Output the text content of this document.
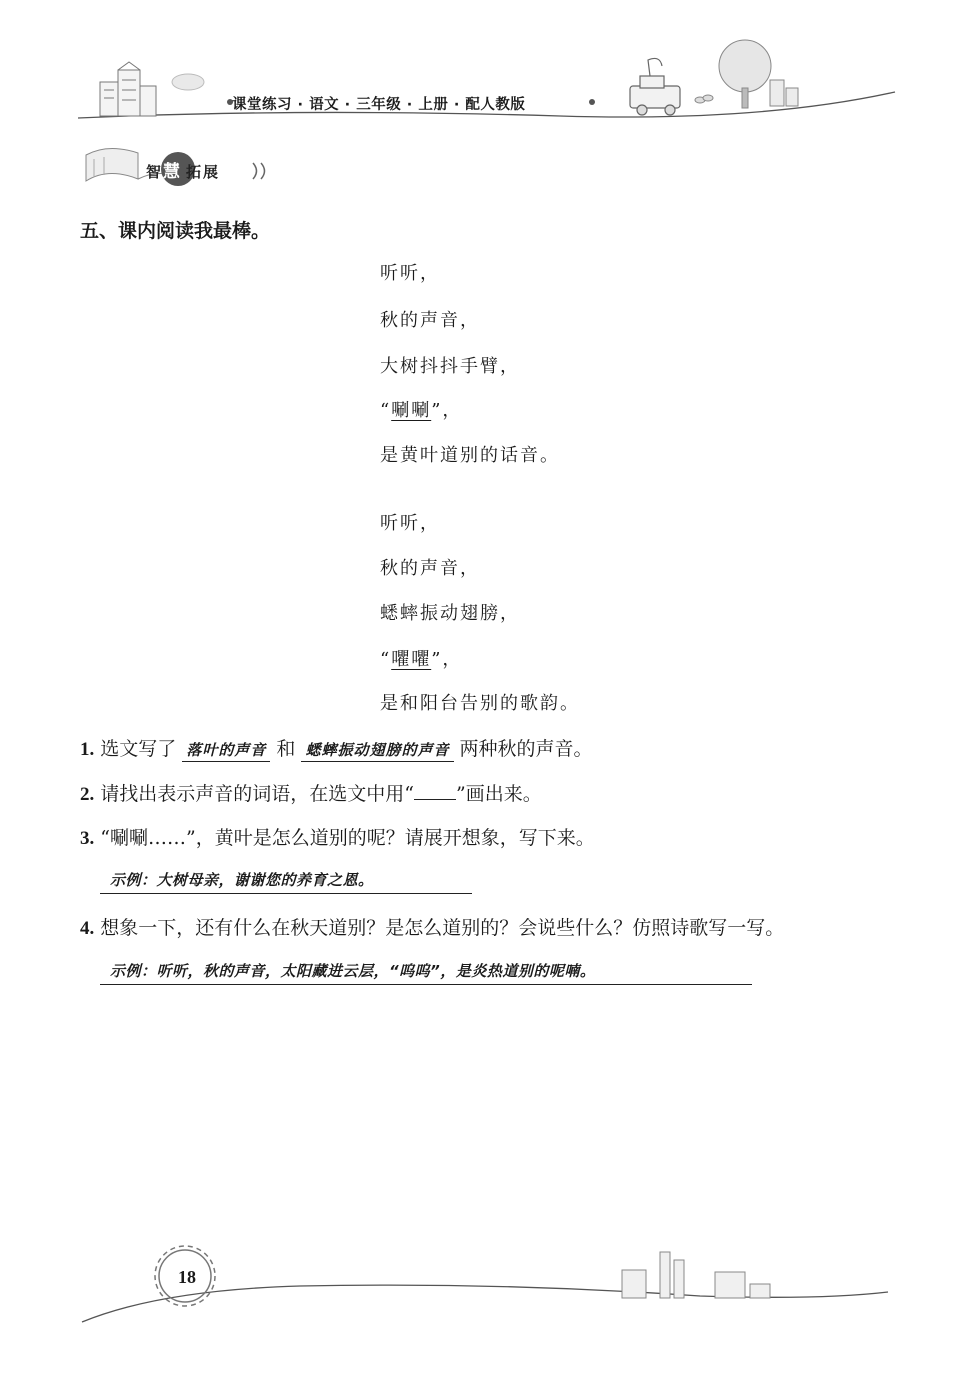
课堂练习 · 语文 · 三年级 · 上册 · 配人教版
智慧 拓展
五、课内阅读我最棒。
听听，
秋的声音，
大树抖抖手臂，
“唰唰”，
是黄叶道别的话音。
听听，
秋的声音，
蟋蟀振动翅膀，
“㘗㘗”，
是和阳台告别的歌韵。
1. 选文写了 落叶的声音 和 蟋蟀振动翅膀的声音 两种秋的声音。
2. 请找出表示声音的词语，在选文中用“ ”画出来。
3. “唰唰……”，黄叶是怎么道别的呢？请展开想象，写下来。
示例：大树母亲，谢谢您的养育之恩。
4. 想象一下，还有什么在秋天道别？是怎么道别的？会说些什么？仿照诗歌写一写。
示例：听听，秋的声音，太阳藏进云层，“呜呜”，是炎热道别的呢喃。
18
